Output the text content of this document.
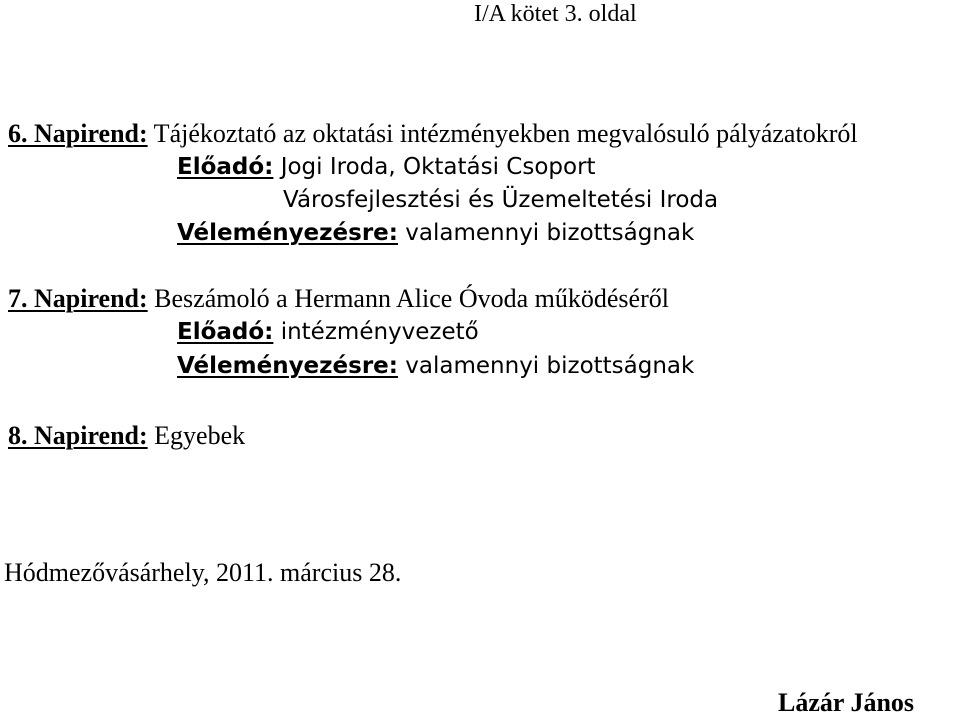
I/A kötet 3. oldal
6. Napirend: Tájékoztató az oktatási intézményekben megvalósuló pályázatokról
Előadó: Jogi Iroda, Oktatási Csoport
Városfejlesztési és Üzemeltetési Iroda
Véleményezésre: valamennyi bizottságnak
7. Napirend: Beszámoló a Hermann Alice Óvoda működéséről
Előadó: intézményvezető
Véleményezésre: valamennyi bizottságnak
8. Napirend: Egyebek
Hódmezővásárhely, 2011. március 28.
Lázár János
